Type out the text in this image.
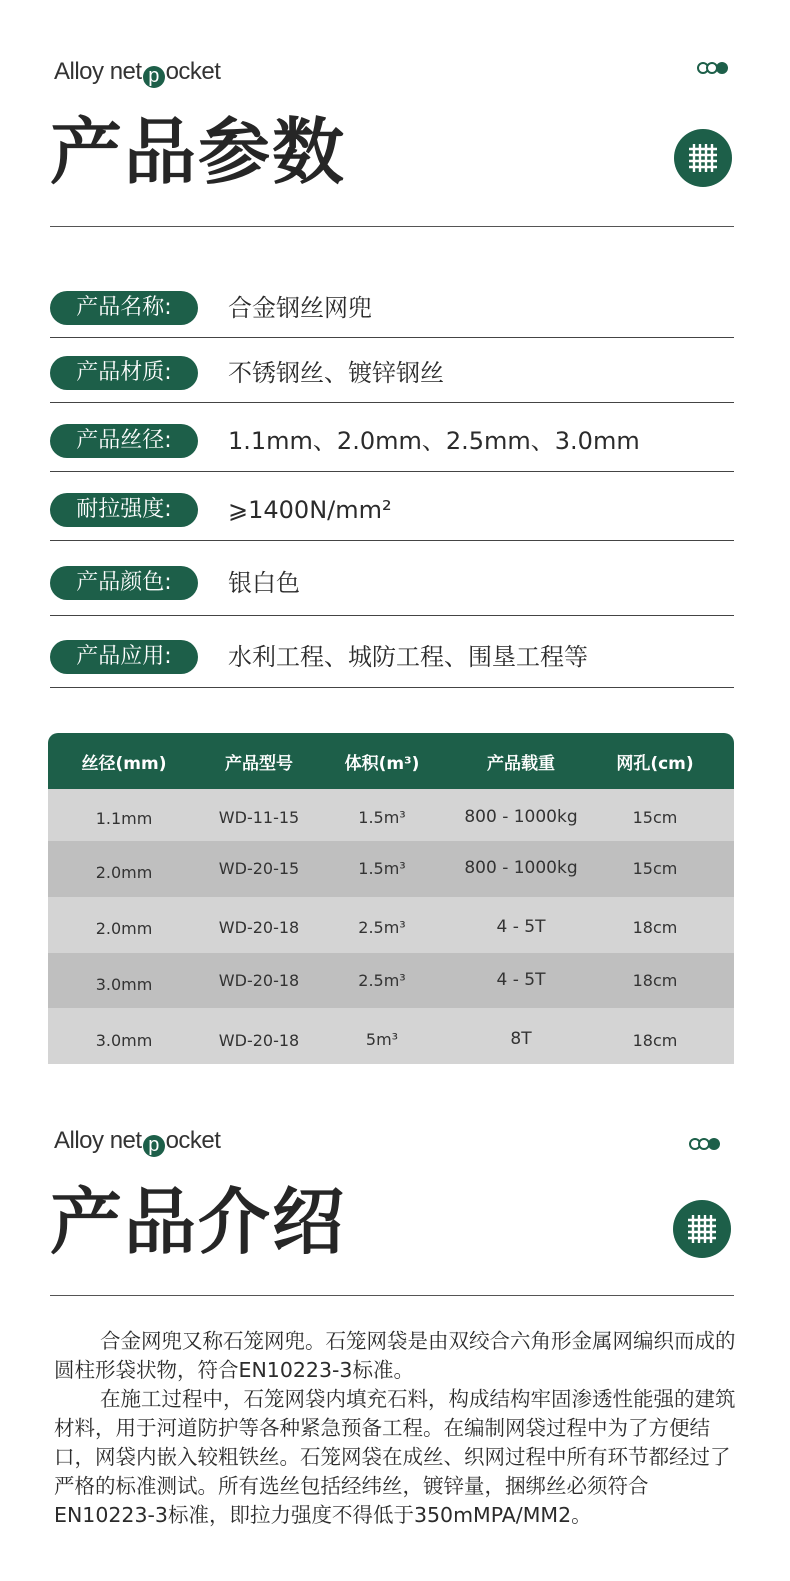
Alloy net p ocket
产品参数
产品名称:	合金钢丝网兜
产品材质:	不锈钢丝、镀锌钢丝
产品丝径:	1.1mm、2.0mm、2.5mm、3.0mm
耐拉强度:	⩾1400N/mm²
产品颜色:	银白色
产品应用:	水利工程、城防工程、围垦工程等
丝径(mm)	产品型号	体积(m³)	产品载重	网孔(cm)
1.1mm	WD-11-15	1.5m³	800 - 1000kg	15cm
2.0mm	WD-20-15	1.5m³	800 - 1000kg	15cm
2.0mm	WD-20-18	2.5m³	4 - 5T	18cm
3.0mm	WD-20-18	2.5m³	4 - 5T	18cm
3.0mm	WD-20-18	5m³	8T	18cm
Alloy net p ocket
产品介绍

合金网兜又称石笼网兜。石笼网袋是由双绞合六角形金属网编织而成的圆柱形袋状物，符合EN10223-3标准。

在施工过程中，石笼网袋内填充石料，构成结构牢固渗透性能强的建筑材料，用于河道防护等各种紧急预备工程。在编制网袋过程中为了方便结口，网袋内嵌入较粗铁丝。石笼网袋在成丝、织网过程中所有环节都经过了严格的标准测试。所有选丝包括经纬丝，镀锌量，捆绑丝必须符合EN10223-3标准，即拉力强度不得低于350mMPA/MM2。
